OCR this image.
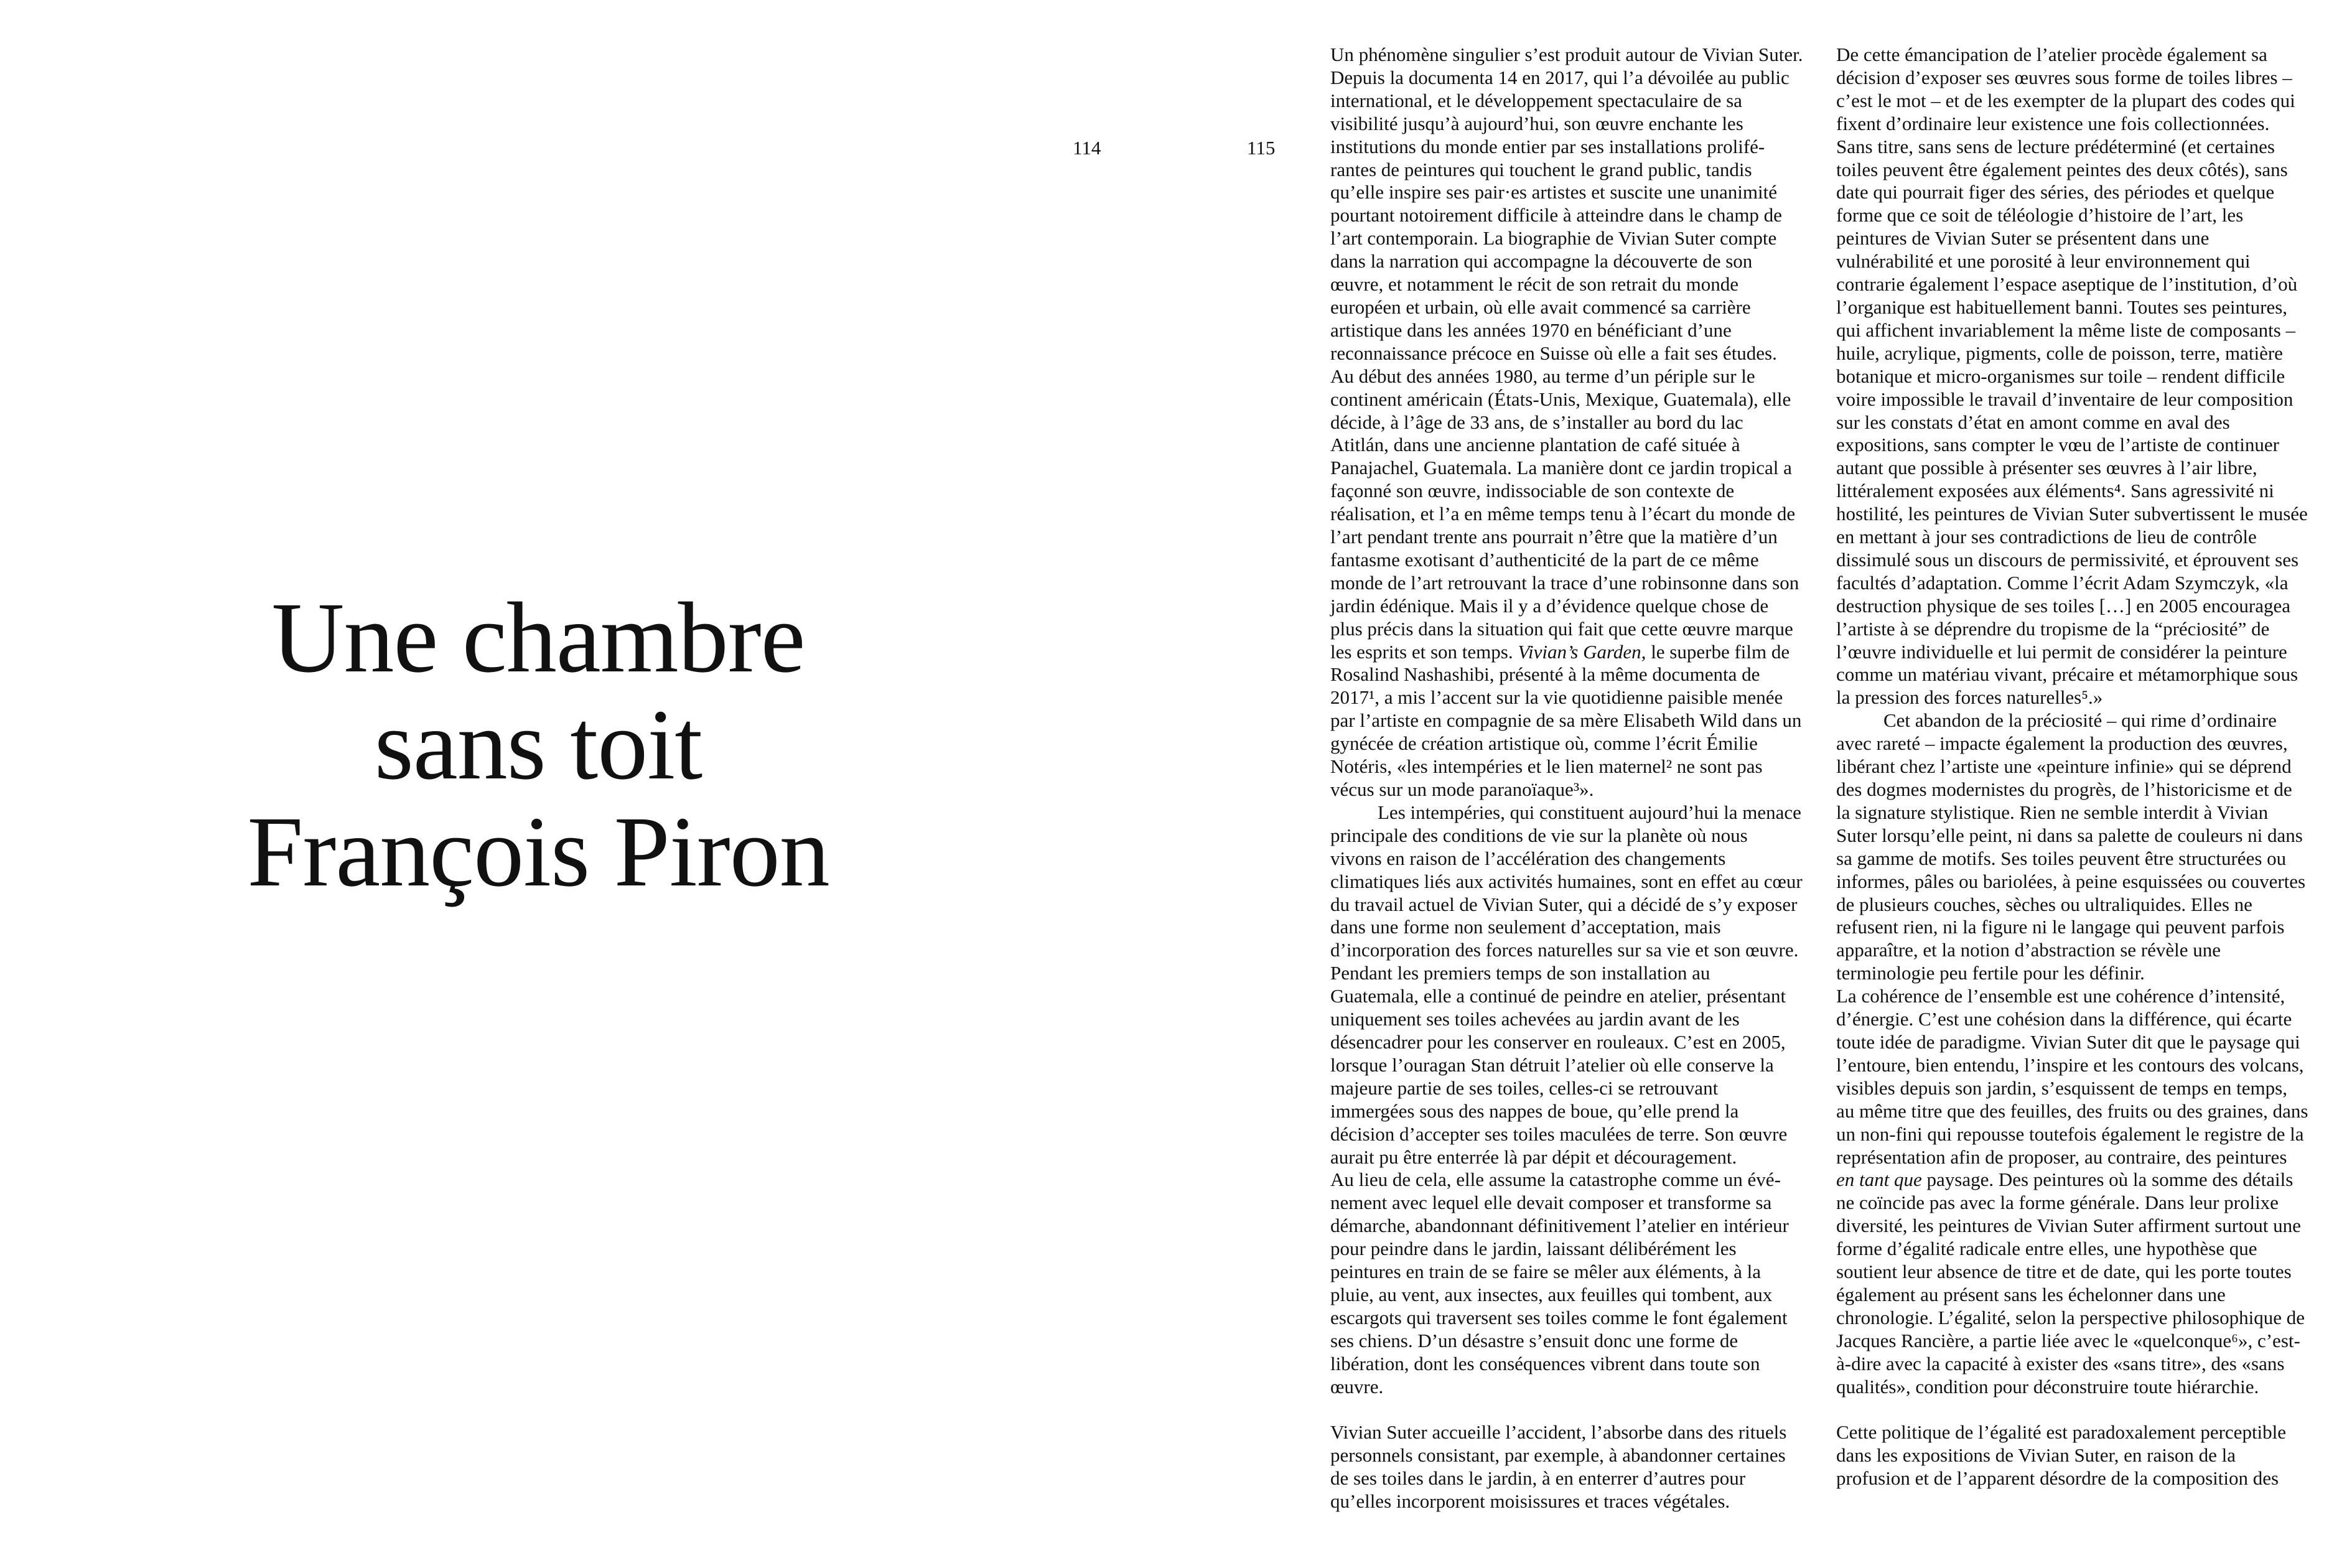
114	115
Une chambre
sans toit
François Piron

Un phénomène singulier s’est produit autour de Vivian Suter. Depuis la documenta 14 en 2017, qui l’a dévoilée au public international, et le développement spectaculaire de sa visibilité jusqu’à aujourd’hui, son œuvre enchante les institutions du monde entier par ses installations proliférantes de peintures qui touchent le grand public, tandis qu’elle inspire ses pair·es artistes et suscite une unanimité pourtant notoirement difficile à atteindre dans le champ de l’art contemporain. La biographie de Vivian Suter compte dans la narration qui accompagne la découverte de son œuvre, et notamment le récit de son retrait du monde européen et urbain, où elle avait commencé sa carrière artistique dans les années 1970 en bénéficiant d’une reconnaissance précoce en Suisse où elle a fait ses études. Au début des années 1980, au terme d’un périple sur le continent américain (États-Unis, Mexique, Guatemala), elle décide, à l’âge de 33 ans, de s’installer au bord du lac Atitlán, dans une ancienne plantation de café située à Panajachel, Guatemala. La manière dont ce jardin tropical a façonné son œuvre, indissociable de son contexte de réalisation, et l’a en même temps tenu à l’écart du monde de l’art pendant trente ans pourrait n’être que la matière d’un fantasme exotisant d’authenticité de la part de ce même monde de l’art retrouvant la trace d’une robinsonne dans son jardin édénique. Mais il y a d’évidence quelque chose de plus précis dans la situation qui fait que cette œuvre marque les esprits et son temps. Vivian’s Garden, le superbe film de Rosalind Nashashibi, présenté à la même documenta de 2017¹, a mis l’accent sur la vie quotidienne paisible menée par l’artiste en compagnie de sa mère Elisabeth Wild dans un gynécée de création artistique où, comme l’écrit Émilie Notéris, «les intempéries et le lien maternel² ne sont pas vécus sur un mode paranoïaque³».

Les intempéries, qui constituent aujourd’hui la menace principale des conditions de vie sur la planète où nous vivons en raison de l’accélération des changements climatiques liés aux activités humaines, sont en effet au cœur du travail actuel de Vivian Suter, qui a décidé de s’y exposer dans une forme non seulement d’acceptation, mais d’incorporation des forces naturelles sur sa vie et son œuvre. Pendant les premiers temps de son installation au Guatemala, elle a continué de peindre en atelier, présentant uniquement ses toiles achevées au jardin avant de les désencadrer pour les conserver en rouleaux. C’est en 2005, lorsque l’ouragan Stan détruit l’atelier où elle conserve la majeure partie de ses toiles, celles-ci se retrouvant immergées sous des nappes de boue, qu’elle prend la décision d’accepter ses toiles maculées de terre. Son œuvre aurait pu être enterrée là par dépit et découragement.

Au lieu de cela, elle assume la catastrophe comme un événement avec lequel elle devait composer et transforme sa démarche, abandonnant définitivement l’atelier en intérieur pour peindre dans le jardin, laissant délibérément les peintures en train de se faire se mêler aux éléments, à la pluie, au vent, aux insectes, aux feuilles qui tombent, aux escargots qui traversent ses toiles comme le font également ses chiens. D’un désastre s’ensuit donc une forme de libération, dont les conséquences vibrent dans toute son œuvre.

Vivian Suter accueille l’accident, l’absorbe dans des rituels personnels consistant, par exemple, à abandonner certaines de ses toiles dans le jardin, à en enterrer d’autres pour qu’elles incorporent moisissures et traces végétales.

De cette émancipation de l’atelier procède également sa décision d’exposer ses œuvres sous forme de toiles libres – c’est le mot – et de les exempter de la plupart des codes qui fixent d’ordinaire leur existence une fois collectionnées. Sans titre, sans sens de lecture prédéterminé (et certaines toiles peuvent être également peintes des deux côtés), sans date qui pourrait figer des séries, des périodes et quelque forme que ce soit de téléologie d’histoire de l’art, les peintures de Vivian Suter se présentent dans une vulnérabilité et une porosité à leur environnement qui contrarie également l’espace aseptique de l’institution, d’où l’organique est habituellement banni. Toutes ses peintures, qui affichent invariablement la même liste de composants – huile, acrylique, pigments, colle de poisson, terre, matière botanique et micro-organismes sur toile – rendent difficile voire impossible le travail d’inventaire de leur composition sur les constats d’état en amont comme en aval des expositions, sans compter le vœu de l’artiste de continuer autant que possible à présenter ses œuvres à l’air libre, littéralement exposées aux éléments⁴. Sans agressivité ni hostilité, les peintures de Vivian Suter subvertissent le musée en mettant à jour ses contradictions de lieu de contrôle dissimulé sous un discours de permissivité, et éprouvent ses facultés d’adaptation. Comme l’écrit Adam Szymczyk, «la destruction physique de ses toiles […] en 2005 encouragea l’artiste à se déprendre du tropisme de la “préciosité” de l’œuvre individuelle et lui permit de considérer la peinture comme un matériau vivant, précaire et métamorphique sous la pression des forces naturelles⁵.»

Cet abandon de la préciosité – qui rime d’ordinaire avec rareté – impacte également la production des œuvres, libérant chez l’artiste une «peinture infinie» qui se déprend des dogmes modernistes du progrès, de l’historicisme et de la signature stylistique. Rien ne semble interdit à Vivian Suter lorsqu’elle peint, ni dans sa palette de couleurs ni dans sa gamme de motifs. Ses toiles peuvent être structurées ou informes, pâles ou bariolées, à peine esquissées ou couvertes de plusieurs couches, sèches ou ultraliquides. Elles ne refusent rien, ni la figure ni le langage qui peuvent parfois apparaître, et la notion d’abstraction se révèle une terminologie peu fertile pour les définir.

La cohérence de l’ensemble est une cohérence d’intensité, d’énergie. C’est une cohésion dans la différence, qui écarte toute idée de paradigme. Vivian Suter dit que le paysage qui l’entoure, bien entendu, l’inspire et les contours des volcans, visibles depuis son jardin, s’esquissent de temps en temps, au même titre que des feuilles, des fruits ou des graines, dans un non-fini qui repousse toutefois également le registre de la représentation afin de proposer, au contraire, des peintures en tant que paysage. Des peintures où la somme des détails ne coïncide pas avec la forme générale. Dans leur prolixe diversité, les peintures de Vivian Suter affirment surtout une forme d’égalité radicale entre elles, une hypothèse que soutient leur absence de titre et de date, qui les porte toutes également au présent sans les échelonner dans une chronologie. L’égalité, selon la perspective philosophique de Jacques Rancière, a partie liée avec le «quelconque⁶», c’est-à-dire avec la capacité à exister des «sans titre», des «sans qualités», condition pour déconstruire toute hiérarchie.

Cette politique de l’égalité est paradoxalement perceptible dans les expositions de Vivian Suter, en raison de la profusion et de l’apparent désordre de la composition des
